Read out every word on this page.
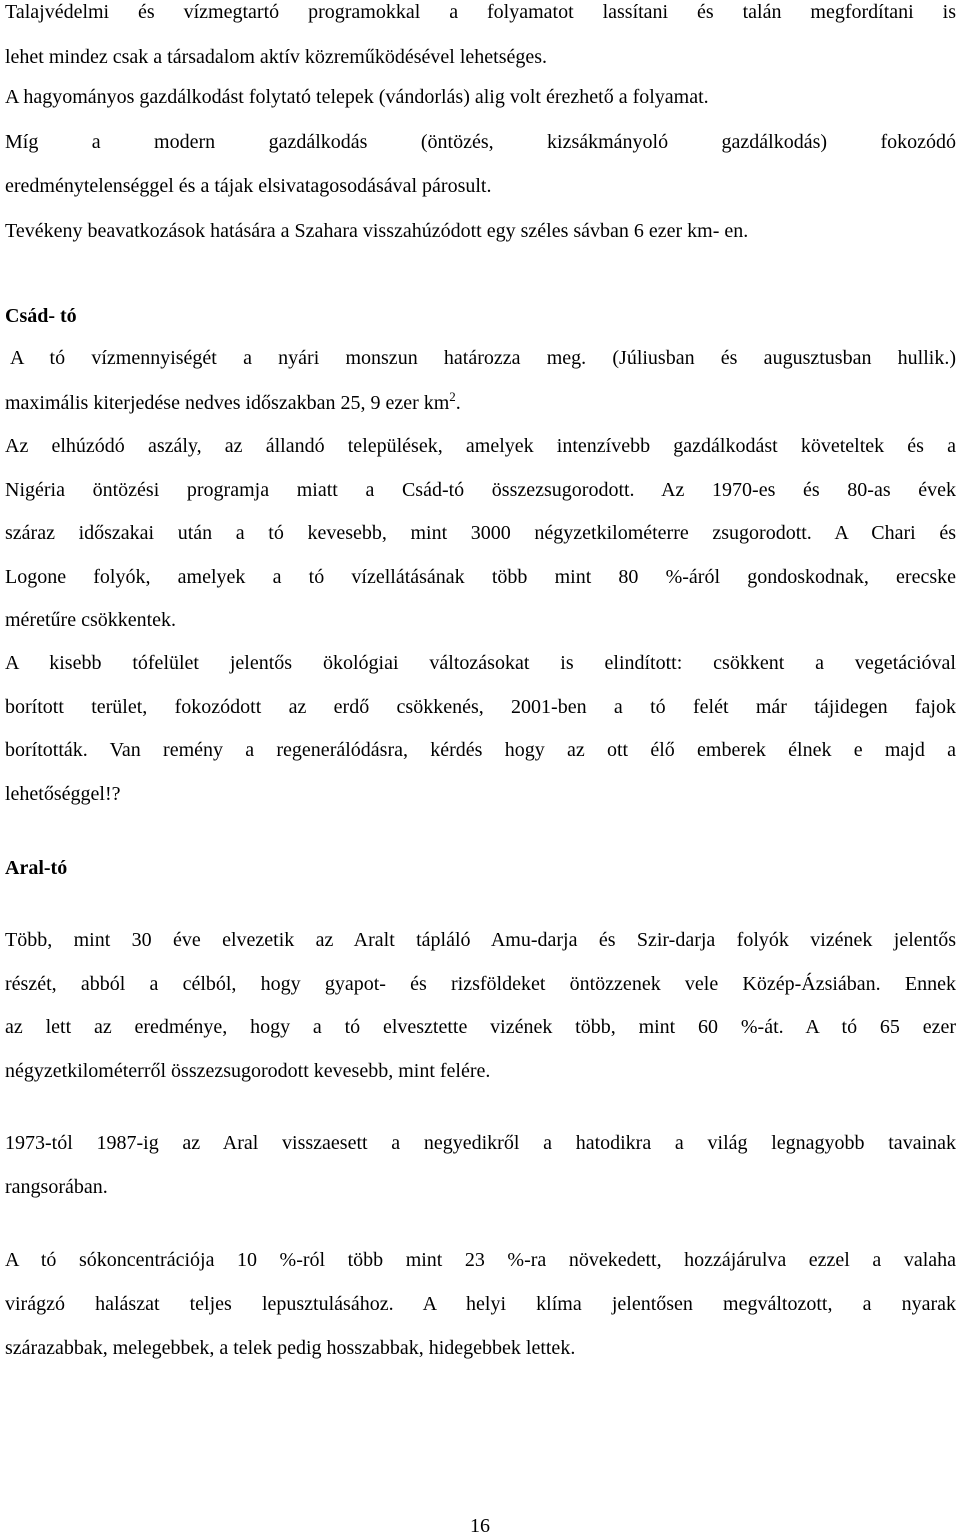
Talajvédelmi és vízmegtartó programokkal a folyamatot lassítani és talán megfordítani is
lehet mindez csak a társadalom aktív közreműködésével lehetséges.
A hagyományos gazdálkodást folytató telepek (vándorlás) alig volt érezhető a folyamat.
Míg a modern gazdálkodás (öntözés, kizsákmányoló gazdálkodás) fokozódó
eredménytelenséggel és a tájak elsivatagosodásával párosult.
Tevékeny beavatkozások hatására a Szahara visszahúzódott egy széles sávban 6 ezer km- en.
Csád- tó
A tó vízmennyiségét a nyári monszun határozza meg. (Júliusban és augusztusban hullik.)
maximális kiterjedése nedves időszakban 25, 9 ezer $km^2$.
Az elhúzódó aszály, az állandó települések, amelyek intenzívebb gazdálkodást követeltek és a
Nigéria öntözési programja miatt a Csád-tó összezsugorodott. Az 1970-es és 80-as évek
száraz időszakai után a tó kevesebb, mint 3000 négyzetkilométerre zsugorodott. A Chari és
Logone folyók, amelyek a tó vízellátásának több mint 80 %-áról gondoskodnak, erecske
méretűre csökkentek.
A kisebb tófelület jelentős ökológiai változásokat is elindított: csökkent a vegetációval
borított terület, fokozódott az erdő csökkenés, 2001-ben a tó felét már tájidegen fajok
borították. Van remény a regenerálódásra, kérdés hogy az ott élő emberek élnek e majd a
lehetőséggel!?
Aral-tó
Több, mint 30 éve elvezetik az Aralt tápláló Amu-darja és Szir-darja folyók vizének jelentős
részét, abból a célból, hogy gyapot- és rizsföldeket öntözzenek vele Közép-Ázsiában. Ennek
az lett az eredménye, hogy a tó elvesztette vizének több, mint 60 %-át. A tó 65 ezer
négyzetkilométerről összezsugorodott kevesebb, mint felére.
1973-tól 1987-ig az Aral visszaesett a negyedikről a hatodikra a világ legnagyobb tavainak
rangsorában.
A tó sókoncentrációja 10 %-ról több mint 23 %-ra növekedett, hozzájárulva ezzel a valaha
virágzó halászat teljes lepusztulásához. A helyi klíma jelentősen megváltozott, a nyarak
szárazabbak, melegebbek, a telek pedig hosszabbak, hidegebbek lettek.
16
